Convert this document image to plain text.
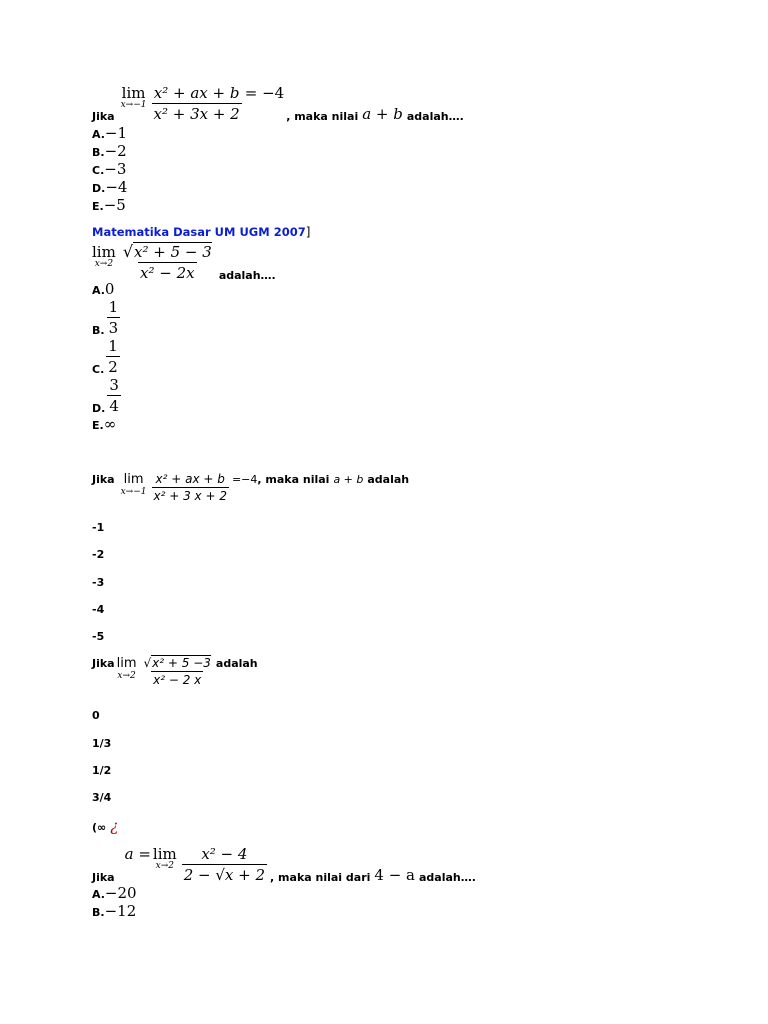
Jika
lim
$x\to-1 \frac{\text{x² + ax + b}}{\text{x² + 3x + 2}} = -4$
, maka nilai a + b adalah….
A. −1
B. −2
C. −3
D. −4
E. −5
Matematika Dasar UM UGM 2007 ]
lim
$x\to 2 \frac{\text{√x² + 5 − 3}}{\text{x² − 2x}}$ adalah….
A. 0
B. $\frac{1}{3}$
C. $\frac{1}{2}$
D. $\frac{3}{4}$
E. ∞
Jika lim
$x\to-1 \frac{\text{x² + ax + b}}{\text{x² + 3 x + 2}} =-4$ , maka nilai a + b adalah
-1
-2
-3
-4
-5
Jika lim
$x\to 2 \frac{\text{√x² + 5 −3}}{\text{x² − 2 x}}$ adalah
0
1/3
1/2
3/4
(∞ ¿
Jika
a = lim
$x\to 2 \frac{\text{x² − 4}}{2 - √x + 2}$ , maka nilai dari 4 − a adalah….
A. −20
B. −12
